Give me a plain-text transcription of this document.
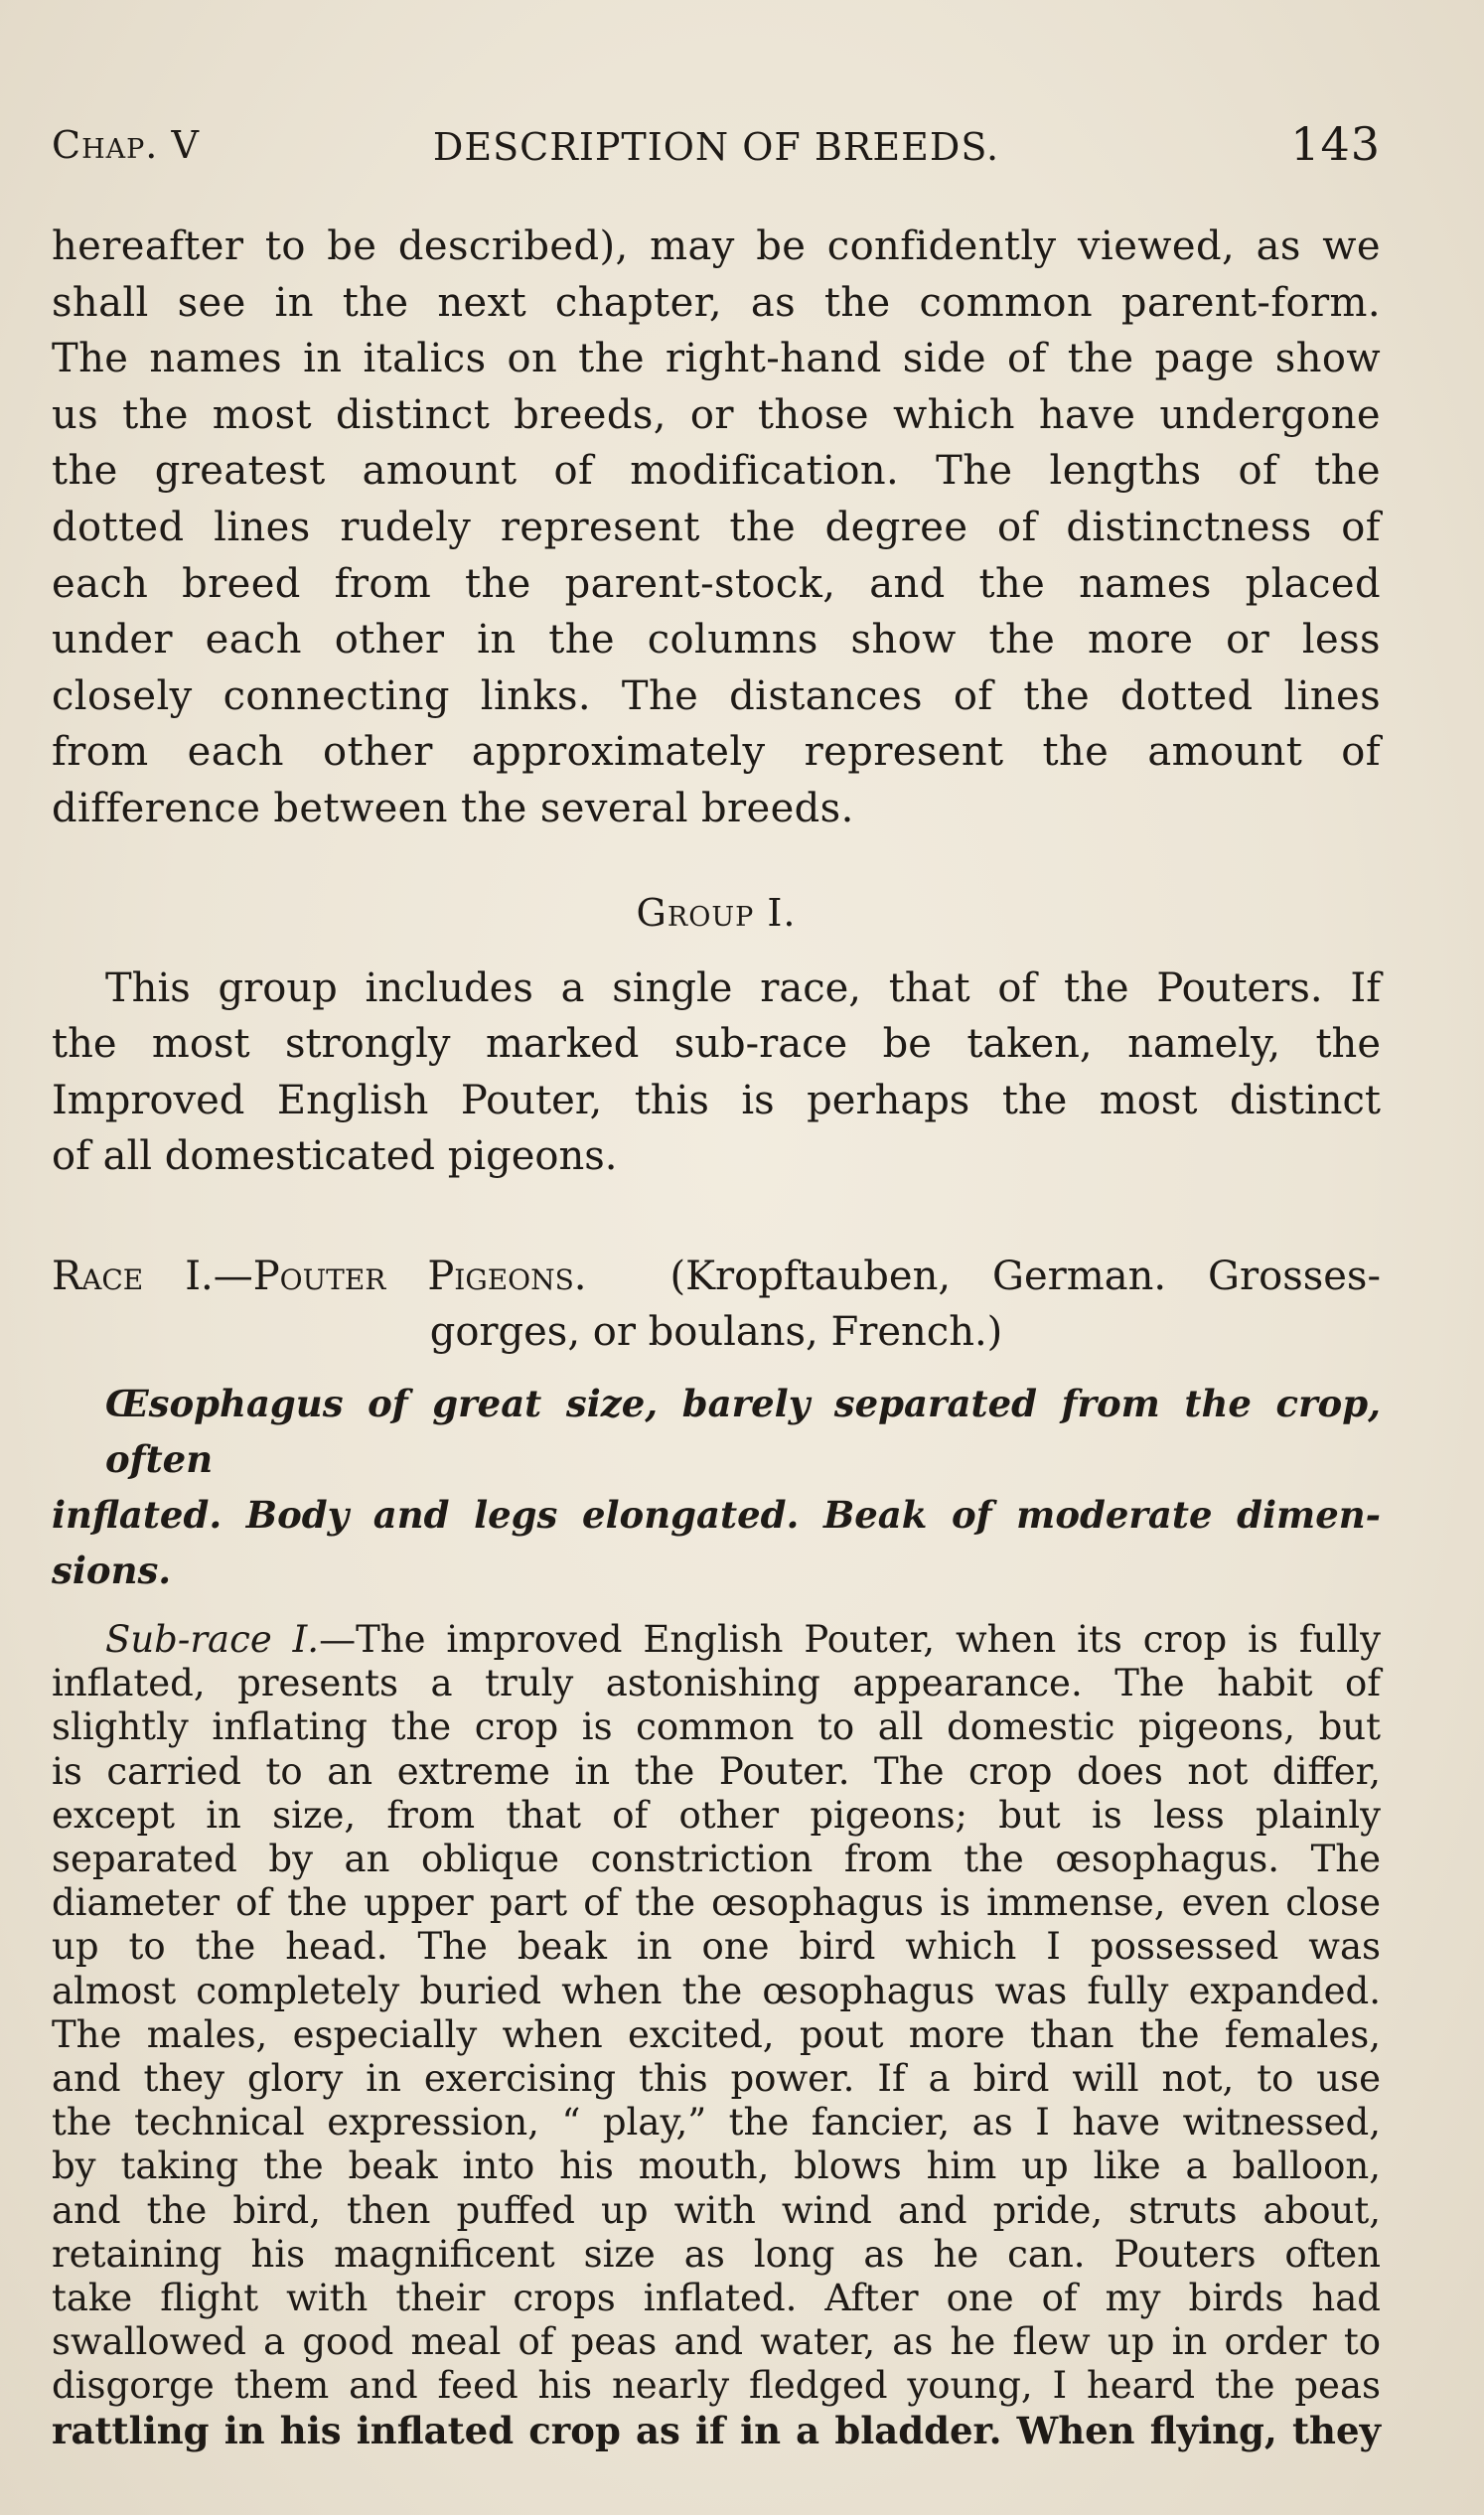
Chap. V	DESCRIPTION OF BREEDS.	143
hereafter to be described), may be confidently viewed, as we
shall see in the next chapter, as the common parent-form.
The names in italics on the right-hand side of the page show
us the most distinct breeds, or those which have undergone
the greatest amount of modification. The lengths of the
dotted lines rudely represent the degree of distinctness of
each breed from the parent-stock, and the names placed
under each other in the columns show the more or less
closely connecting links. The distances of the dotted lines
from each other approximately represent the amount of
difference between the several breeds.
Group I.
This group includes a single race, that of the Pouters. If
the most strongly marked sub-race be taken, namely, the
Improved English Pouter, this is perhaps the most distinct
of all domesticated pigeons.
Race I.—Pouter Pigeons. (Kropftauben, German. Grosses-
gorges, or boulans, French.)
Œsophagus of great size, barely separated from the crop, often
inflated. Body and legs elongated. Beak of moderate dimen-
sions.
Sub-race I.—The improved English Pouter, when its crop is fully
inflated, presents a truly astonishing appearance. The habit of
slightly inflating the crop is common to all domestic pigeons, but
is carried to an extreme in the Pouter. The crop does not differ,
except in size, from that of other pigeons; but is less plainly
separated by an oblique constriction from the œsophagus. The
diameter of the upper part of the œsophagus is immense, even close
up to the head. The beak in one bird which I possessed was
almost completely buried when the œsophagus was fully expanded.
The males, especially when excited, pout more than the females,
and they glory in exercising this power. If a bird will not, to use
the technical expression, “ play,” the fancier, as I have witnessed,
by taking the beak into his mouth, blows him up like a balloon,
and the bird, then puffed up with wind and pride, struts about,
retaining his magnificent size as long as he can. Pouters often
take flight with their crops inflated. After one of my birds had
swallowed a good meal of peas and water, as he flew up in order to
disgorge them and feed his nearly fledged young, I heard the peas
rattling in his inflated crop as if in a bladder. When flying, they
